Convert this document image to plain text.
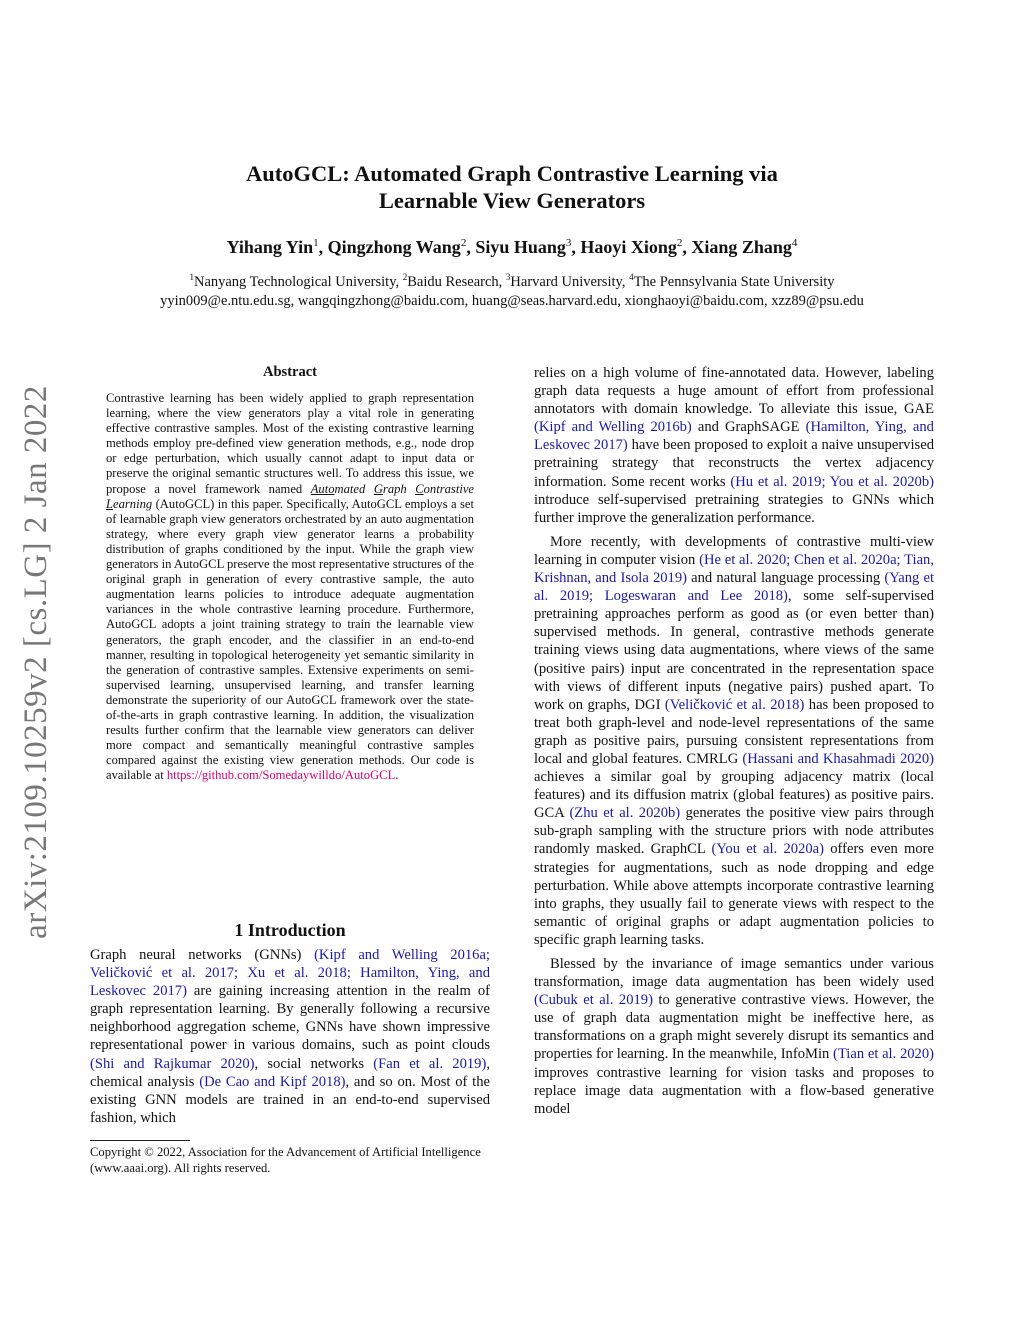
arXiv:2109.10259v2 [cs.LG] 2 Jan 2022
AutoGCL: Automated Graph Contrastive Learning via
Learnable View Generators
Yihang Yin$^1$, Qingzhong Wang$^2$, Siyu Huang$^3$, Haoyi Xiong$^2$, Xiang Zhang$^4$
$^1$Nanyang Technological University, $^2$Baidu Research, $^3$Harvard University, $^4$The Pennsylvania State University
yyin009@e.ntu.edu.sg, wangqingzhong@baidu.com, huang@seas.harvard.edu, xionghaoyi@baidu.com, xzz89@psu.edu
Abstract

Contrastive learning has been widely applied to graph representation learning, where the view generators play a vital role in generating effective contrastive samples. Most of the existing contrastive learning methods employ pre-defined view generation methods, e.g., node drop or edge perturbation, which usually cannot adapt to input data or preserve the original semantic structures well. To address this issue, we propose a novel framework named Automated Graph Contrastive Learning (AutoGCL) in this paper. Specifically, AutoGCL employs a set of learnable graph view generators orchestrated by an auto augmentation strategy, where every graph view generator learns a probability distribution of graphs conditioned by the input. While the graph view generators in AutoGCL preserve the most representative structures of the original graph in generation of every contrastive sample, the auto augmentation learns policies to introduce adequate augmentation variances in the whole contrastive learning procedure. Furthermore, AutoGCL adopts a joint training strategy to train the learnable view generators, the graph encoder, and the classifier in an end-to-end manner, resulting in topological heterogeneity yet semantic similarity in the generation of contrastive samples. Extensive experiments on semi-supervised learning, unsupervised learning, and transfer learning demonstrate the superiority of our AutoGCL framework over the state-of-the-arts in graph contrastive learning. In addition, the visualization results further confirm that the learnable view generators can deliver more compact and semantically meaningful contrastive samples compared against the existing view generation methods. Our code is available at https://github.com/Somedaywilldo/AutoGCL.

1 Introduction

Graph neural networks (GNNs) (Kipf and Welling 2016a; Veličković et al. 2017; Xu et al. 2018; Hamilton, Ying, and Leskovec 2017) are gaining increasing attention in the realm of graph representation learning. By generally following a recursive neighborhood aggregation scheme, GNNs have shown impressive representational power in various domains, such as point clouds (Shi and Rajkumar 2020), social networks (Fan et al. 2019), chemical analysis (De Cao and Kipf 2018), and so on. Most of the existing GNN models are trained in an end-to-end supervised fashion, which

Copyright © 2022, Association for the Advancement of Artificial Intelligence (www.aaai.org). All rights reserved.

relies on a high volume of fine-annotated data. However, labeling graph data requests a huge amount of effort from professional annotators with domain knowledge. To alleviate this issue, GAE (Kipf and Welling 2016b) and GraphSAGE (Hamilton, Ying, and Leskovec 2017) have been proposed to exploit a naive unsupervised pretraining strategy that reconstructs the vertex adjacency information. Some recent works (Hu et al. 2019; You et al. 2020b) introduce self-supervised pretraining strategies to GNNs which further improve the generalization performance.

More recently, with developments of contrastive multi-view learning in computer vision (He et al. 2020; Chen et al. 2020a; Tian, Krishnan, and Isola 2019) and natural language processing (Yang et al. 2019; Logeswaran and Lee 2018), some self-supervised pretraining approaches perform as good as (or even better than) supervised methods. In general, contrastive methods generate training views using data augmentations, where views of the same (positive pairs) input are concentrated in the representation space with views of different inputs (negative pairs) pushed apart. To work on graphs, DGI (Veličković et al. 2018) has been proposed to treat both graph-level and node-level representations of the same graph as positive pairs, pursuing consistent representations from local and global features. CMRLG (Hassani and Khasahmadi 2020) achieves a similar goal by grouping adjacency matrix (local features) and its diffusion matrix (global features) as positive pairs. GCA (Zhu et al. 2020b) generates the positive view pairs through sub-graph sampling with the structure priors with node attributes randomly masked. GraphCL (You et al. 2020a) offers even more strategies for augmentations, such as node dropping and edge perturbation. While above attempts incorporate contrastive learning into graphs, they usually fail to generate views with respect to the semantic of original graphs or adapt augmentation policies to specific graph learning tasks.

Blessed by the invariance of image semantics under various transformation, image data augmentation has been widely used (Cubuk et al. 2019) to generative contrastive views. However, the use of graph data augmentation might be ineffective here, as transformations on a graph might severely disrupt its semantics and properties for learning. In the meanwhile, InfoMin (Tian et al. 2020) improves contrastive learning for vision tasks and proposes to replace image data augmentation with a flow-based generative model
